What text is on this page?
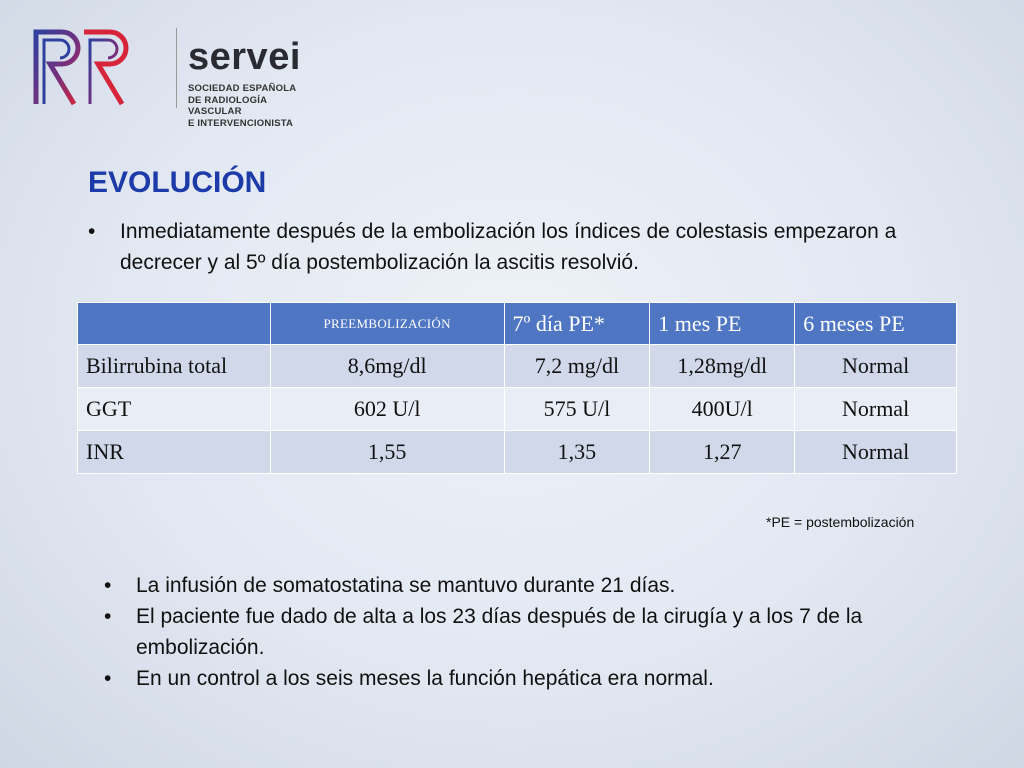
servei
SOCIEDAD ESPAÑOLA
DE RADIOLOGÍA
VASCULAR
E INTERVENCIONISTA
EVOLUCIÓN
• Inmediatamente después de la embolización los índices de colestasis empezaron a decrecer y al 5º día postembolización la ascitis resolvió.
	PREEMBOLIZACIÓN	7º día PE*	1 mes PE	6 meses PE
Bilirrubina total	8,6mg/dl	7,2 mg/dl	1,28mg/dl	Normal
GGT	602 U/l	575 U/l	400U/l	Normal
INR	1,55	1,35	1,27	Normal
*PE = postembolización
• La infusión de somatostatina se mantuvo durante 21 días.
• El paciente fue dado de alta a los 23 días después de la cirugía y a los 7 de la embolización.
• En un control a los seis meses la función hepática era normal.
